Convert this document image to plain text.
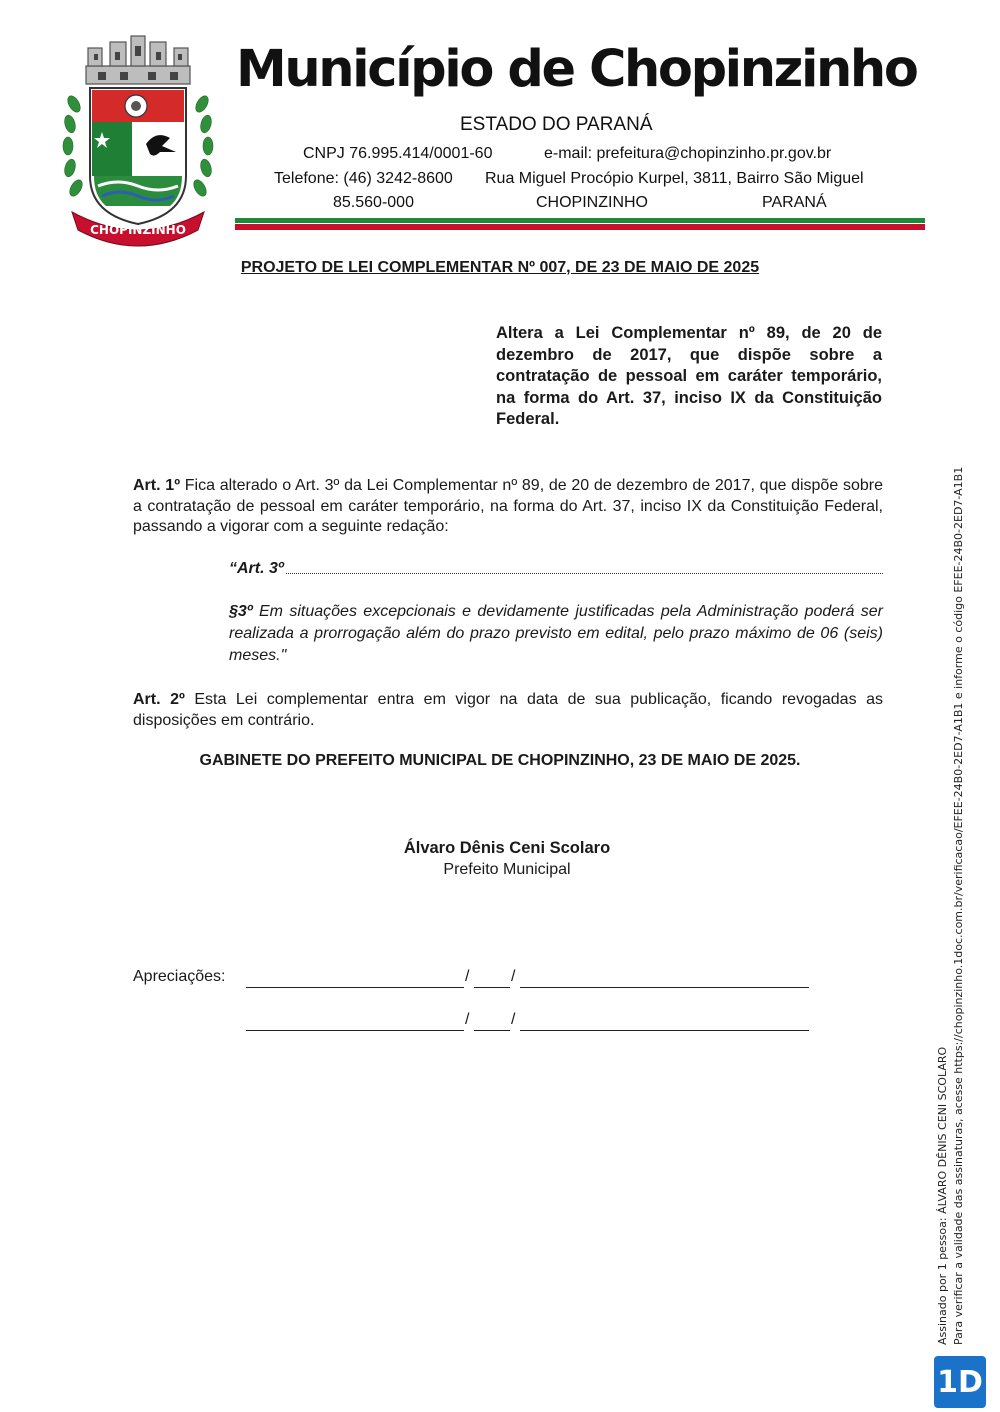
CHOPINZINHO
Município de Chopinzinho
ESTADO DO PARANÁ
CNPJ 76.995.414/0001-60	e-mail: prefeitura@chopinzinho.pr.gov.br
Telefone: (46) 3242-8600 Rua Miguel Procópio Kurpel, 3811, Bairro São Miguel
85.560-000	CHOPINZINHO	PARANÁ
PROJETO DE LEI COMPLEMENTAR Nº 007, DE 23 DE MAIO DE 2025
Altera a Lei Complementar nº 89, de 20 de dezembro de 2017, que dispõe sobre a contratação de pessoal em caráter temporário, na forma do Art. 37, inciso IX da Constituição Federal.
Art. 1º Fica alterado o Art. 3º da Lei Complementar nº 89, de 20 de dezembro de 2017, que dispõe sobre a contratação de pessoal em caráter temporário, na forma do Art. 37, inciso IX da Constituição Federal, passando a vigorar com a seguinte redação:
“Art. 3º
§3º Em situações excepcionais e devidamente justificadas pela Administração poderá ser realizada a prorrogação além do prazo previsto em edital, pelo prazo máximo de 06 (seis) meses."
Art. 2º Esta Lei complementar entra em vigor na data de sua publicação, ficando revogadas as disposições em contrário.
GABINETE DO PREFEITO MUNICIPAL DE CHOPINZINHO, 23 DE MAIO DE 2025.
Álvaro Dênis Ceni Scolaro
Prefeito Municipal
Apreciações:	/	/
/	/
Assinado por 1 pessoa: ÁLVARO DÊNIS CENI SCOLARO Para verificar a validade das assinaturas, acesse https://chopinzinho.1doc.com.br/verificacao/EFEE-24B0-2ED7-A1B1 e informe o código EFEE-24B0-2ED7-A1B1
1D
